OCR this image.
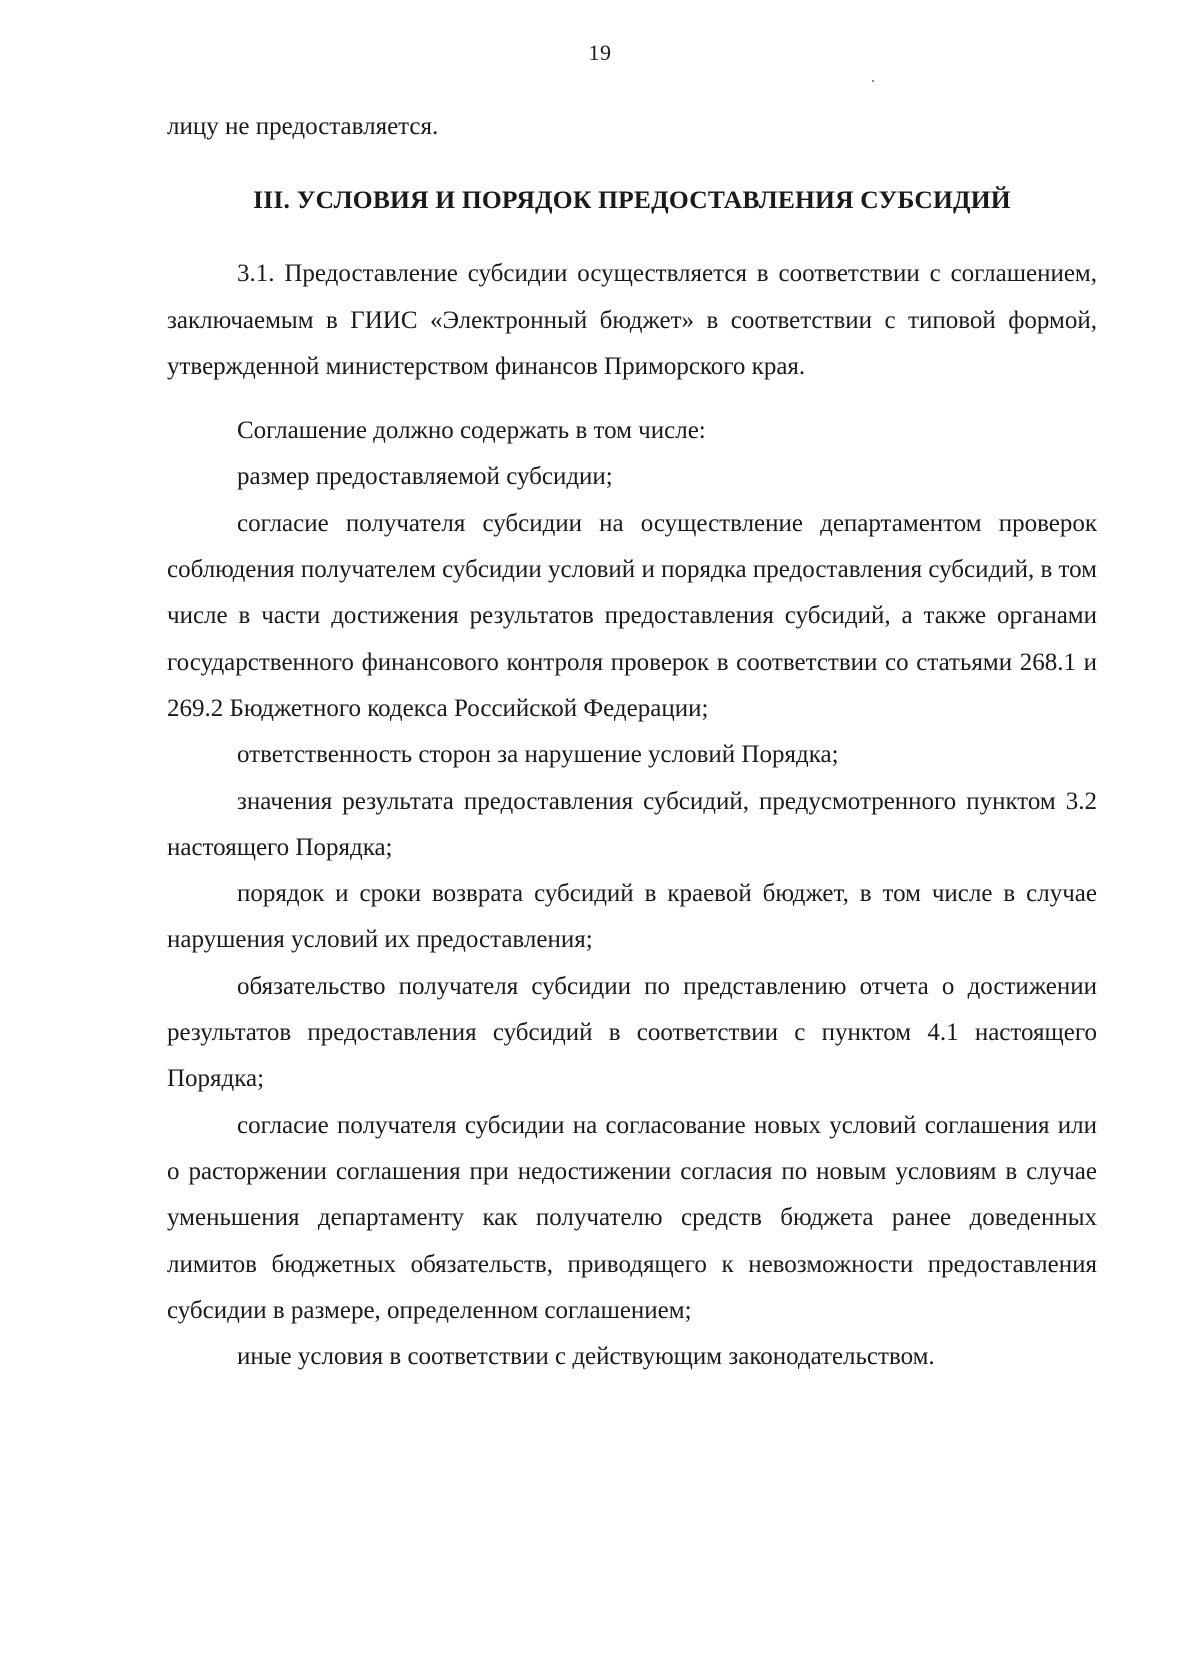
19

лицу не предоставляется.

III. УСЛОВИЯ И ПОРЯДОК ПРЕДОСТАВЛЕНИЯ СУБСИДИЙ

3.1. Предоставление субсидии осуществляется в соответствии с соглашением, заключаемым в ГИИС «Электронный бюджет» в соответствии с типовой формой, утвержденной министерством финансов Приморского края.

Соглашение должно содержать в том числе:

размер предоставляемой субсидии;

согласие получателя субсидии на осуществление департаментом проверок соблюдения получателем субсидии условий и порядка предоставления субсидий, в том числе в части достижения результатов предоставления субсидий, а также органами государственного финансового контроля проверок в соответствии со статьями 268.1 и 269.2 Бюджетного кодекса Российской Федерации;

ответственность сторон за нарушение условий Порядка;

значения результата предоставления субсидий, предусмотренного пунктом 3.2 настоящего Порядка;

порядок и сроки возврата субсидий в краевой бюджет, в том числе в случае нарушения условий их предоставления;

обязательство получателя субсидии по представлению отчета о достижении результатов предоставления субсидий в соответствии с пунктом 4.1 настоящего Порядка;

согласие получателя субсидии на согласование новых условий соглашения или о расторжении соглашения при недостижении согласия по новым условиям в случае уменьшения департаменту как получателю средств бюджета ранее доведенных лимитов бюджетных обязательств, приводящего к невозможности предоставления субсидии в размере, определенном соглашением;

иные условия в соответствии с действующим законодательством.
